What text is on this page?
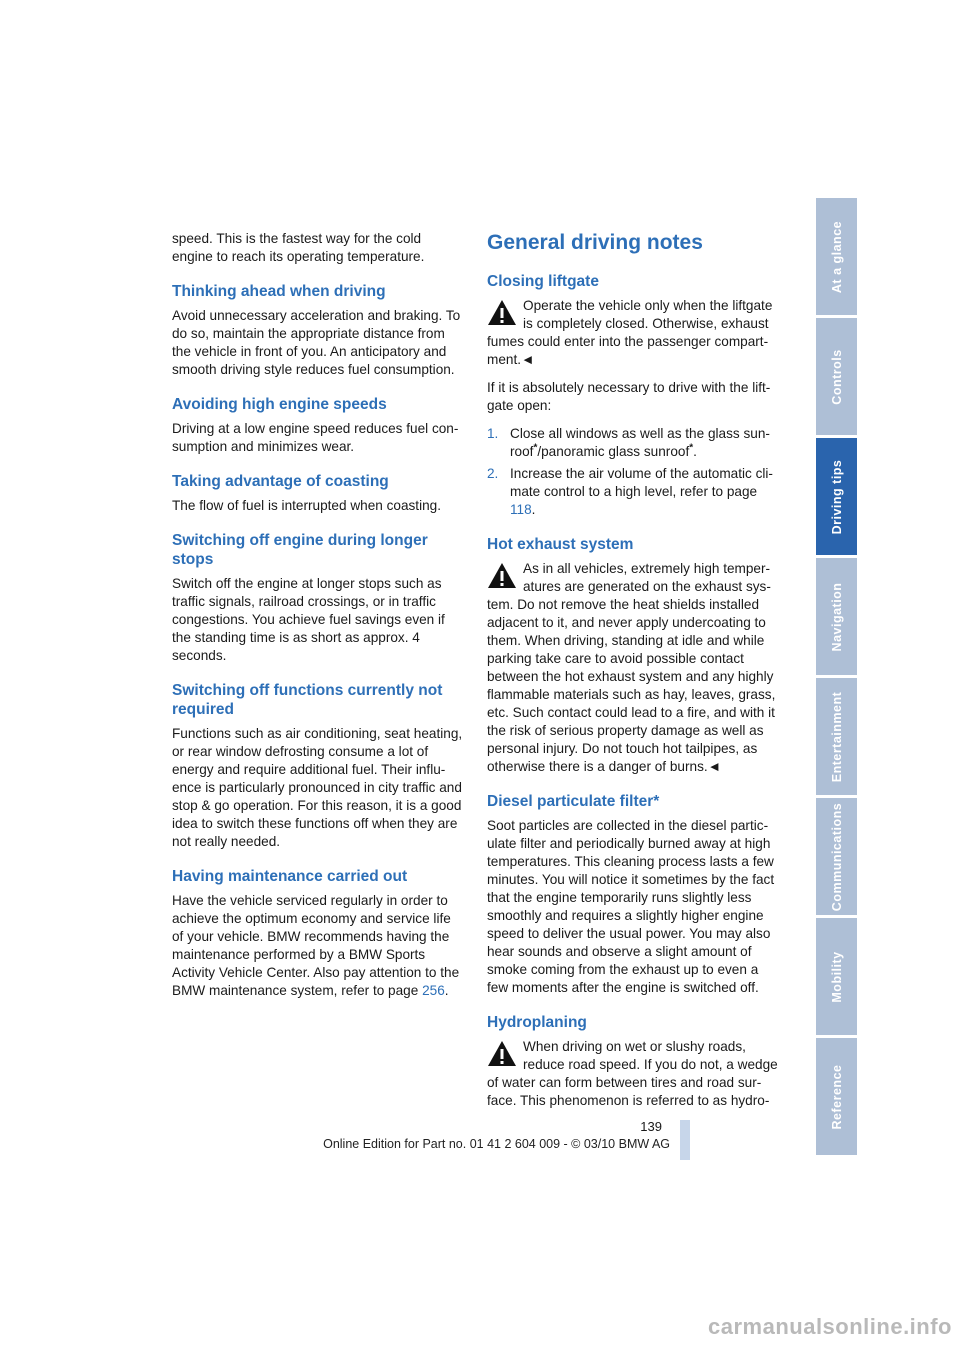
speed. This is the fastest way for the cold engine to reach its operating temperature.

Thinking ahead when driving

Avoid unnecessary acceleration and braking. To do so, maintain the appropriate distance from the vehicle in front of you. An anticipatory and smooth driving style reduces fuel consumption.

Avoiding high engine speeds

Driving at a low engine speed reduces fuel consumption and minimizes wear.

Taking advantage of coasting

The flow of fuel is interrupted when coasting.

Switching off engine during longer stops

Switch off the engine at longer stops such as traffic signals, railroad crossings, or in traffic congestions. You achieve fuel savings even if the standing time is as short as approx. 4 seconds.

Switching off functions currently not required

Functions such as air conditioning, seat heating, or rear window defrosting consume a lot of energy and require additional fuel. Their influence is particularly pronounced in city traffic and stop & go operation. For this reason, it is a good idea to switch these functions off when they are not really needed.

Having maintenance carried out

Have the vehicle serviced regularly in order to achieve the optimum economy and service life of your vehicle. BMW recommends having the maintenance performed by a BMW Sports Activity Vehicle Center. Also pay attention to the BMW maintenance system, refer to page 256.

General driving notes
Closing liftgate
Operate the vehicle only when the liftgate is completely closed. Otherwise, exhaust fumes could enter into the passenger compartment.◄

If it is absolutely necessary to drive with the liftgate open:

1. Close all windows as well as the glass sunroof*/panoramic glass sunroof*.
2. Increase the air volume of the automatic climate control to a high level, refer to page 118.
Hot exhaust system
As in all vehicles, extremely high temperatures are generated on the exhaust system. Do not remove the heat shields installed adjacent to it, and never apply undercoating to them. When driving, standing at idle and while parking take care to avoid possible contact between the hot exhaust system and any highly flammable materials such as hay, leaves, grass, etc. Such contact could lead to a fire, and with it the risk of serious property damage as well as personal injury. Do not touch hot tailpipes, as otherwise there is a danger of burns.◄
Diesel particulate filter*

Soot particles are collected in the diesel particulate filter and periodically burned away at high temperatures. This cleaning process lasts a few minutes. You will notice it sometimes by the fact that the engine temporarily runs slightly less smoothly and requires a slightly higher engine speed to deliver the usual power. You may also hear sounds and observe a slight amount of smoke coming from the exhaust up to even a few moments after the engine is switched off.

Hydroplaning
When driving on wet or slushy roads, reduce road speed. If you do not, a wedge of water can form between tires and road surface. This phenomenon is referred to as hydro-
At a glance
Controls
Driving tips
Navigation
Entertainment
Communications
Mobility
Reference
139
Online Edition for Part no. 01 41 2 604 009 - © 03/10 BMW AG
carmanualsonline.info
